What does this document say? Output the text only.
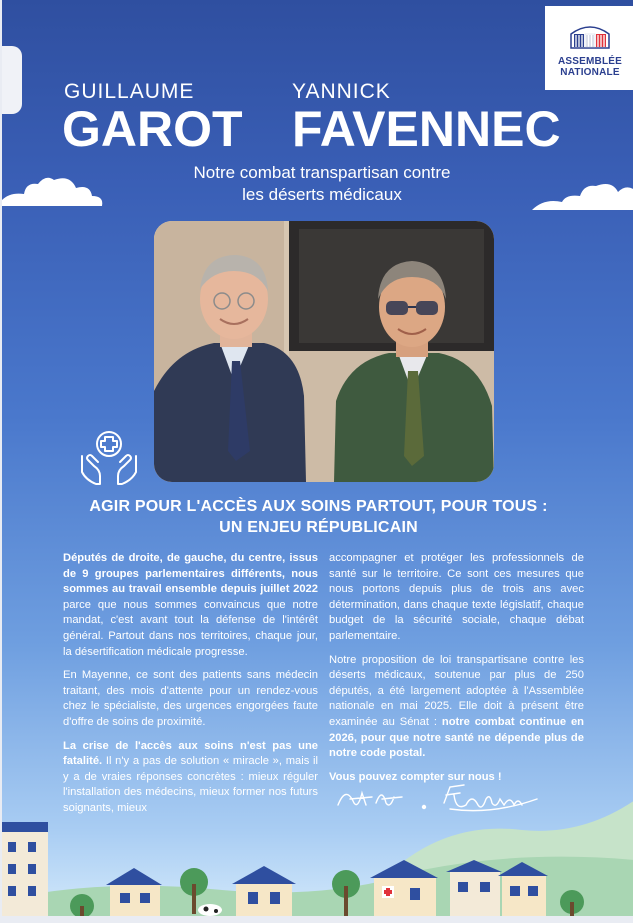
ASSEMBLÉE
NATIONALE
GUILLAUME
GAROT
YANNICK
FAVENNEC
Notre combat transpartisan contre
les déserts médicaux
AGIR POUR L'ACCÈS AUX SOINS PARTOUT, POUR TOUS :
UN ENJEU RÉPUBLICAIN

Députés de droite, de gauche, du centre, issus de 9 groupes parlementaires différents, nous sommes au travail ensemble depuis juillet 2022 parce que nous sommes convaincus que notre mandat, c'est avant tout la défense de l'intérêt général. Partout dans nos territoires, chaque jour, la désertification médicale progresse.

En Mayenne, ce sont des patients sans médecin traitant, des mois d'attente pour un rendez-vous chez le spécialiste, des urgences engorgées faute d'offre de soins de proximité.

La crise de l'accès aux soins n'est pas une fatalité. Il n'y a pas de solution « miracle », mais il y a de vraies réponses concrètes : mieux réguler l'installation des médecins, mieux former nos futurs soignants, mieux

accompagner et protéger les professionnels de santé sur le territoire. Ce sont ces mesures que nous portons depuis plus de trois ans avec détermination, dans chaque texte législatif, chaque budget de la sécurité sociale, chaque débat parlementaire.

Notre proposition de loi transpartisane contre les déserts médicaux, soutenue par plus de 250 députés, a été largement adoptée à l'Assemblée nationale en mai 2025. Elle doit à présent être examinée au Sénat : notre combat continue en 2026, pour que notre santé ne dépende plus de notre code postal.

Vous pouvez compter sur nous !
